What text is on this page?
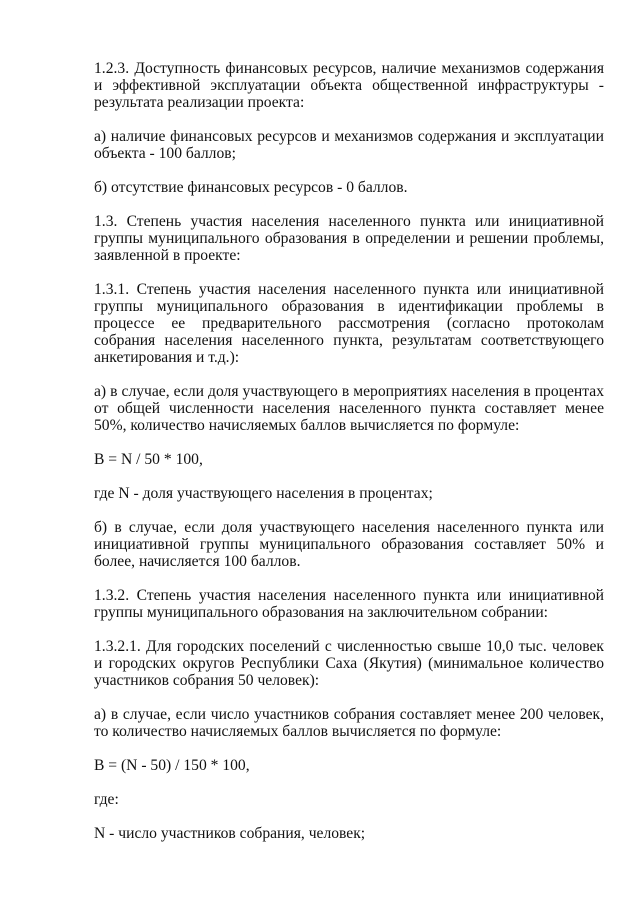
1.2.3. Доступность финансовых ресурсов, наличие механизмов содержания и эффективной эксплуатации объекта общественной инфраструктуры - результата реализации проекта:

а) наличие финансовых ресурсов и механизмов содержания и эксплуатации объекта - 100 баллов;

б) отсутствие финансовых ресурсов - 0 баллов.

1.3. Степень участия населения населенного пункта или инициативной группы муниципального образования в определении и решении проблемы, заявленной в проекте:

1.3.1. Степень участия населения населенного пункта или инициативной группы муниципального образования в идентификации проблемы в процессе ее предварительного рассмотрения (согласно протоколам собрания населения населенного пункта, результатам соответствующего анкетирования и т.д.):

а) в случае, если доля участвующего в мероприятиях населения в процентах от общей численности населения населенного пункта составляет менее 50%, количество начисляемых баллов вычисляется по формуле:

B = N / 50 * 100,

где N - доля участвующего населения в процентах;

б) в случае, если доля участвующего населения населенного пункта или инициативной группы муниципального образования составляет 50% и более, начисляется 100 баллов.

1.3.2. Степень участия населения населенного пункта или инициативной группы муниципального образования на заключительном собрании:

1.3.2.1. Для городских поселений с численностью свыше 10,0 тыс. человек и городских округов Республики Саха (Якутия) (минимальное количество участников собрания 50 человек):

а) в случае, если число участников собрания составляет менее 200 человек, то количество начисляемых баллов вычисляется по формуле:

B = (N - 50) / 150 * 100,

где:

N - число участников собрания, человек;
